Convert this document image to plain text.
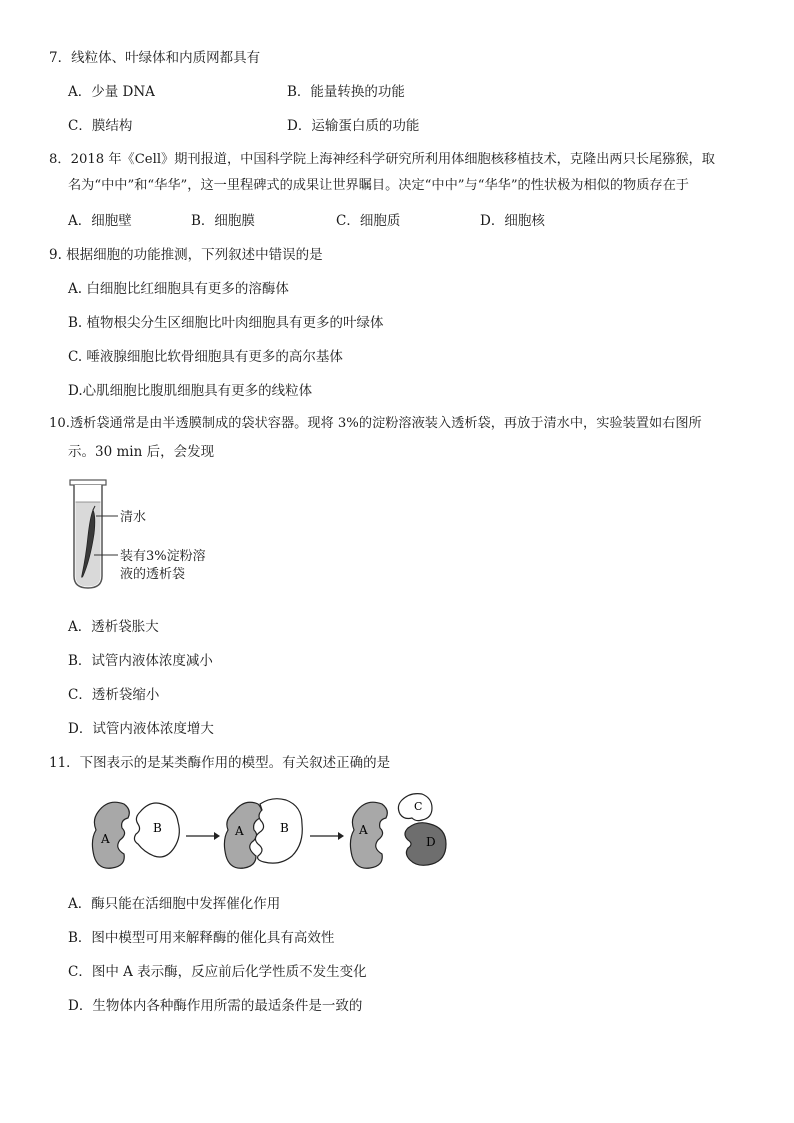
7．线粒体、叶绿体和内质网都具有
A．少量 DNA	B．能量转换的功能
C．膜结构	D．运输蛋白质的功能
8．2018 年《Cell》期刊报道，中国科学院上海神经科学研究所利用体细胞核移植技术，克隆出两只长尾猕猴，取
名为“中中”和“华华”，这一里程碑式的成果让世界瞩目。决定“中中”与“华华”的性状极为相似的物质存在于
A．细胞壁	B．细胞膜	C．细胞质	D．细胞核
9. 根据细胞的功能推测，下列叙述中错误的是
A. 白细胞比红细胞具有更多的溶酶体
B. 植物根尖分生区细胞比叶肉细胞具有更多的叶绿体
C. 唾液腺细胞比软骨细胞具有更多的高尔基体
D.心肌细胞比腹肌细胞具有更多的线粒体
10.透析袋通常是由半透膜制成的袋状容器。现将 3%的淀粉溶液装入透析袋，再放于清水中，实验装置如右图所
示。30 min 后，会发现
清水
装有3%淀粉溶
液的透析袋
A．透析袋胀大
B．试管内液体浓度减小
C．透析袋缩小
D．试管内液体浓度增大
11．下图表示的是某类酶作用的模型。有关叙述正确的是
A
B	A	B	A
C
D
A．酶只能在活细胞中发挥催化作用
B．图中模型可用来解释酶的催化具有高效性
C．图中 A 表示酶，反应前后化学性质不发生变化
D．生物体内各种酶作用所需的最适条件是一致的
